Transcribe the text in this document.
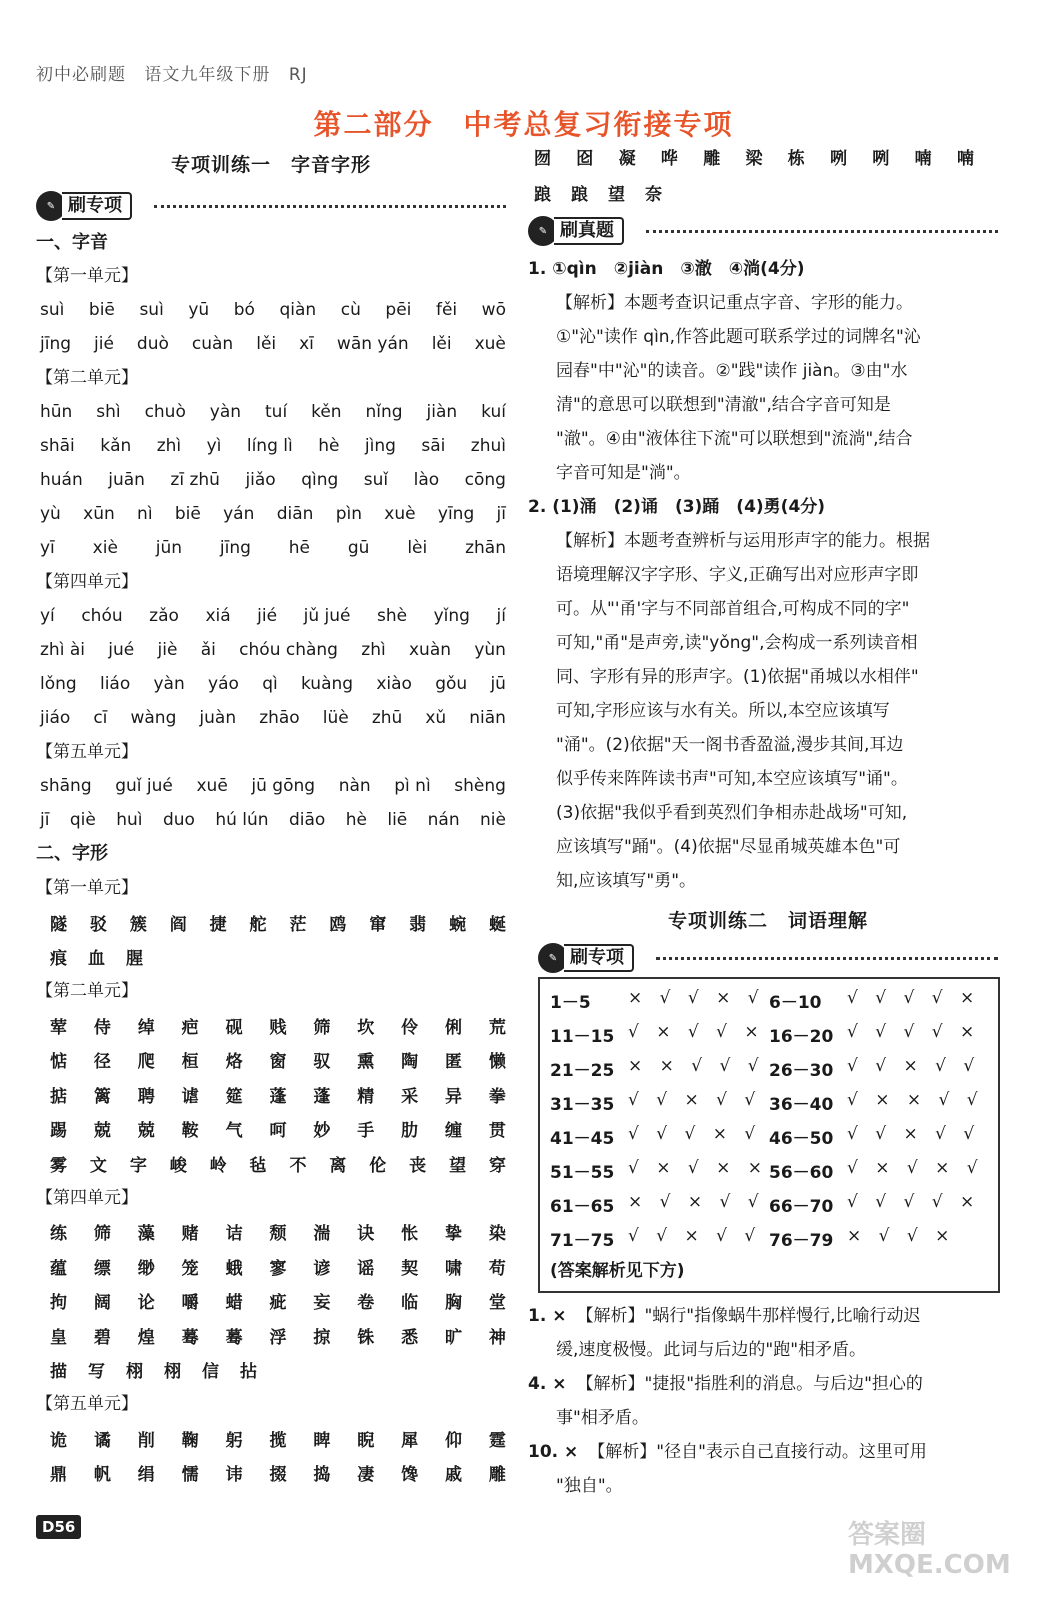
初中必刷题 语文九年级下册 RJ
第二部分　中考总复习衔接专项
专项训练一　字音字形
✎ 刷专项
一、字音
【第一单元】
suì biē suì yū bó qiàn cù pēi fěi wō
jīng jié duò cuàn lěi xī wān yán lěi xuè
【第二单元】
hūn shì chuò yàn tuí kěn nǐng jiàn kuí
shāi kǎn zhì yì líng lì hè jìng sāi zhuì
huán juān zī zhū jiǎo qìng suǐ lào cōng
yù xūn nì biē yán diān pìn xuè yīng jī
yī xiè jūn jīng hē gū lèi zhān
【第四单元】
yí chóu zǎo xiá jié jǔ jué shè yǐng jí
zhì ài jué jiè ǎi chóu chàng zhì xuàn yùn
lǒng liáo yàn yáo qì kuàng xiào gǒu jū
jiáo cī wàng juàn zhāo lüè zhū xǔ niān
【第五单元】
shāng guǐ jué xuē jū gōng nàn pì nì shèng
jī qiè huì duo hú lún diāo hè liē nán niè
二、字形
【第一单元】
隧 驳 簇 阎 捷 舵 茫 鸥 窜 翡 蜿 蜒
痕 血 腥
【第二单元】
荤 侍 绰 疤 砚 贱 筛 坎 伶 俐 荒
惦 径 爬 桓 烙 窗 驭 熏 陶 匿 懒
掂 篱 聘 谑 筵 蓬 蓬 精 采 异 拳
踢 兢 兢 鞍 气 呵 妙 手 肋 缠 贯
雾 文 字 峻 岭 毡 不 离 伦 丧 望 穿
【第四单元】
练 筛 藻 赌 诘 颓 湍 诀 怅 挚 染
蕴 缥 缈 笼 蛾 寥 谚 谣 契 啸 苟
拘 阔 论 嚼 蜡 疵 妄 卷 临 胸 堂
皇 碧 煌 蓦 蓦 浮 掠 铢 悉 旷 神
描 写 栩 栩 信 拈
【第五单元】
诡 谲 削 鞠 躬 揽 睥 睨 犀 仰 霆
鼎 帆 绢 懦 讳 掇 捣 凄 馋 戚 雕
D56
囫 囵 凝 哗 雕 梁 栋 咧 咧 喃 喃
踉 踉 望 奈
✎ 刷真题
1. ①qìn　②jiàn　③澈　④淌(4分)
【解析】本题考查识记重点字音、字形的能力。
①"沁"读作 qìn,作答此题可联系学过的词牌名"沁
园春"中"沁"的读音。②"践"读作 jiàn。③由"水
清"的意思可以联想到"清澈",结合字音可知是
"澈"。④由"液体往下流"可以联想到"流淌",结合
字音可知是"淌"。
2. (1)涌　(2)诵　(3)踊　(4)勇(4分)
【解析】本题考查辨析与运用形声字的能力。根据
语境理解汉字字形、字义,正确写出对应形声字即
可。从"'甬'字与不同部首组合,可构成不同的字"
可知,"甬"是声旁,读"yǒng",会构成一系列读音相
同、字形有异的形声字。(1)依据"甬城以水相伴"
可知,字形应该与水有关。所以,本空应该填写
"涌"。(2)依据"天一阁书香盈溢,漫步其间,耳边
似乎传来阵阵读书声"可知,本空应该填写"诵"。
(3)依据"我似乎看到英烈们争相赤赴战场"可知,
应该填写"踊"。(4)依据"尽显甬城英雄本色"可
知,应该填写"勇"。
专项训练二　词语理解
✎ 刷专项
1－5	× √ √ × √ 6－10	√ √ √ √ ×
11－15 √ × √ √ × 16－20 √ √ √ √ ×
21－25 × × √ √ √ 26－30 √ √ × √ √
31－35 √ √ × √ √ 36－40 √ × × √ √
41－45 √ √ √ × √ 46－50 √ √ × √ √
51－55 √ × √ × × 56－60 √ × √ × √
61－65 × √ × √ √ 66－70 √ √ √ √ ×
71－75 √ √ × √ √ 76－79 × √ √ ×
(答案解析见下方)
1. × 【解析】"蜗行"指像蜗牛那样慢行,比喻行动迟
缓,速度极慢。此词与后边的"跑"相矛盾。
4. × 【解析】"捷报"指胜利的消息。与后边"担心的
事"相矛盾。
10. × 【解析】"径自"表示自己直接行动。这里可用
"独自"。
答案圈 MXQE.COM
